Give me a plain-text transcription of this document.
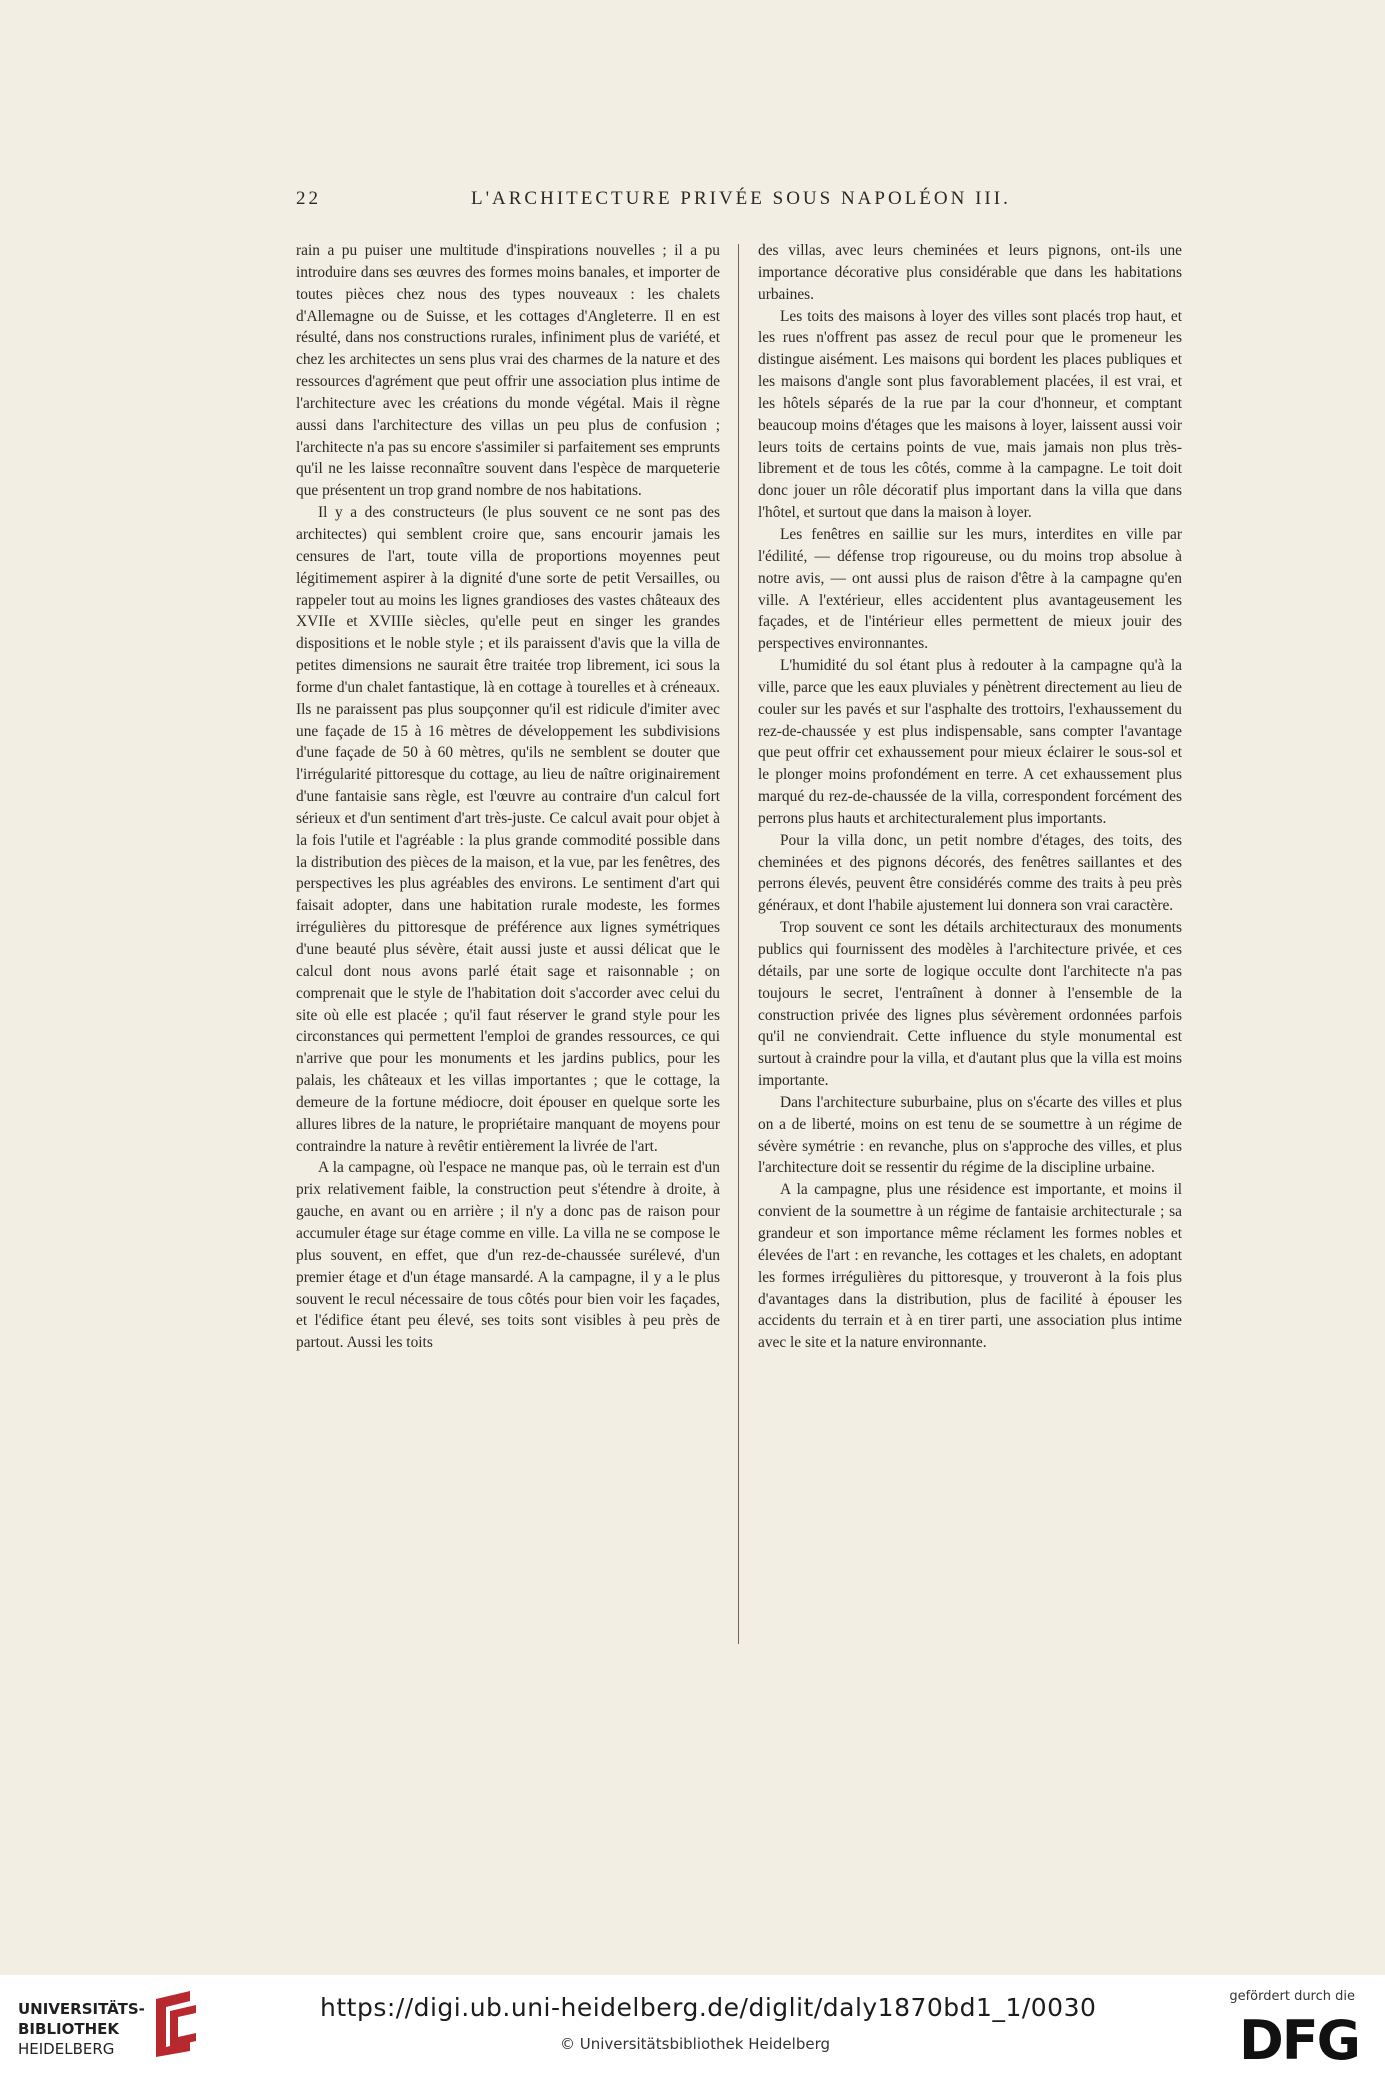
22	L'ARCHITECTURE PRIVÉE SOUS NAPOLÉON III.

rain a pu puiser une multitude d'inspirations nouvelles ; il a pu introduire dans ses œuvres des formes moins banales, et importer de toutes pièces chez nous des types nouveaux : les chalets d'Allemagne ou de Suisse, et les cottages d'Angleterre. Il en est résulté, dans nos constructions rurales, infiniment plus de variété, et chez les architectes un sens plus vrai des charmes de la nature et des ressources d'agrément que peut offrir une association plus intime de l'architecture avec les créations du monde végétal. Mais il règne aussi dans l'architecture des villas un peu plus de confusion ; l'architecte n'a pas su encore s'assimiler si parfaitement ses emprunts qu'il ne les laisse reconnaître souvent dans l'espèce de marqueterie que présentent un trop grand nombre de nos habitations.

Il y a des constructeurs (le plus souvent ce ne sont pas des architectes) qui semblent croire que, sans encourir jamais les censures de l'art, toute villa de proportions moyennes peut légitimement aspirer à la dignité d'une sorte de petit Versailles, ou rappeler tout au moins les lignes grandioses des vastes châteaux des XVIIe et XVIIIe siècles, qu'elle peut en singer les grandes dispositions et le noble style ; et ils paraissent d'avis que la villa de petites dimensions ne saurait être traitée trop librement, ici sous la forme d'un chalet fantastique, là en cottage à tourelles et à créneaux. Ils ne paraissent pas plus soupçonner qu'il est ridicule d'imiter avec une façade de 15 à 16 mètres de développement les subdivisions d'une façade de 50 à 60 mètres, qu'ils ne semblent se douter que l'irrégularité pittoresque du cottage, au lieu de naître originairement d'une fantaisie sans règle, est l'œuvre au contraire d'un calcul fort sérieux et d'un sentiment d'art très-juste. Ce calcul avait pour objet à la fois l'utile et l'agréable : la plus grande commodité possible dans la distribution des pièces de la maison, et la vue, par les fenêtres, des perspectives les plus agréables des environs. Le sentiment d'art qui faisait adopter, dans une habitation rurale modeste, les formes irrégulières du pittoresque de préférence aux lignes symétriques d'une beauté plus sévère, était aussi juste et aussi délicat que le calcul dont nous avons parlé était sage et raisonnable ; on comprenait que le style de l'habitation doit s'accorder avec celui du site où elle est placée ; qu'il faut réserver le grand style pour les circonstances qui permettent l'emploi de grandes ressources, ce qui n'arrive que pour les monuments et les jardins publics, pour les palais, les châteaux et les villas importantes ; que le cottage, la demeure de la fortune médiocre, doit épouser en quelque sorte les allures libres de la nature, le propriétaire manquant de moyens pour contraindre la nature à revêtir entièrement la livrée de l'art.

A la campagne, où l'espace ne manque pas, où le terrain est d'un prix relativement faible, la construction peut s'étendre à droite, à gauche, en avant ou en arrière ; il n'y a donc pas de raison pour accumuler étage sur étage comme en ville. La villa ne se compose le plus souvent, en effet, que d'un rez-de-chaussée surélevé, d'un premier étage et d'un étage mansardé. A la campagne, il y a le plus souvent le recul nécessaire de tous côtés pour bien voir les façades, et l'édifice étant peu élevé, ses toits sont visibles à peu près de partout. Aussi les toits

des villas, avec leurs cheminées et leurs pignons, ont-ils une importance décorative plus considérable que dans les habitations urbaines.

Les toits des maisons à loyer des villes sont placés trop haut, et les rues n'offrent pas assez de recul pour que le promeneur les distingue aisément. Les maisons qui bordent les places publiques et les maisons d'angle sont plus favorablement placées, il est vrai, et les hôtels séparés de la rue par la cour d'honneur, et comptant beaucoup moins d'étages que les maisons à loyer, laissent aussi voir leurs toits de certains points de vue, mais jamais non plus très-librement et de tous les côtés, comme à la campagne. Le toit doit donc jouer un rôle décoratif plus important dans la villa que dans l'hôtel, et surtout que dans la maison à loyer.

Les fenêtres en saillie sur les murs, interdites en ville par l'édilité, — défense trop rigoureuse, ou du moins trop absolue à notre avis, — ont aussi plus de raison d'être à la campagne qu'en ville. A l'extérieur, elles accidentent plus avantageusement les façades, et de l'intérieur elles permettent de mieux jouir des perspectives environnantes.

L'humidité du sol étant plus à redouter à la campagne qu'à la ville, parce que les eaux pluviales y pénètrent directement au lieu de couler sur les pavés et sur l'asphalte des trottoirs, l'exhaussement du rez-de-chaussée y est plus indispensable, sans compter l'avantage que peut offrir cet exhaussement pour mieux éclairer le sous-sol et le plonger moins profondément en terre. A cet exhaussement plus marqué du rez-de-chaussée de la villa, correspondent forcément des perrons plus hauts et architecturalement plus importants.

Pour la villa donc, un petit nombre d'étages, des toits, des cheminées et des pignons décorés, des fenêtres saillantes et des perrons élevés, peuvent être considérés comme des traits à peu près généraux, et dont l'habile ajustement lui donnera son vrai caractère.

Trop souvent ce sont les détails architecturaux des monuments publics qui fournissent des modèles à l'architecture privée, et ces détails, par une sorte de logique occulte dont l'architecte n'a pas toujours le secret, l'entraînent à donner à l'ensemble de la construction privée des lignes plus sévèrement ordonnées parfois qu'il ne conviendrait. Cette influence du style monumental est surtout à craindre pour la villa, et d'autant plus que la villa est moins importante.

Dans l'architecture suburbaine, plus on s'écarte des villes et plus on a de liberté, moins on est tenu de se soumettre à un régime de sévère symétrie : en revanche, plus on s'approche des villes, et plus l'architecture doit se ressentir du régime de la discipline urbaine.

A la campagne, plus une résidence est importante, et moins il convient de la soumettre à un régime de fantaisie architecturale ; sa grandeur et son importance même réclament les formes nobles et élevées de l'art : en revanche, les cottages et les chalets, en adoptant les formes irrégulières du pittoresque, y trouveront à la fois plus d'avantages dans la distribution, plus de facilité à épouser les accidents du terrain et à en tirer parti, une association plus intime avec le site et la nature environnante.

UNIVERSITÄTS-
BIBLIOTHEK
HEIDELBERG
https://digi.ub.uni-heidelberg.de/diglit/daly1870bd1_1/0030
© Universitätsbibliothek Heidelberg
gefördert durch die
DFG
